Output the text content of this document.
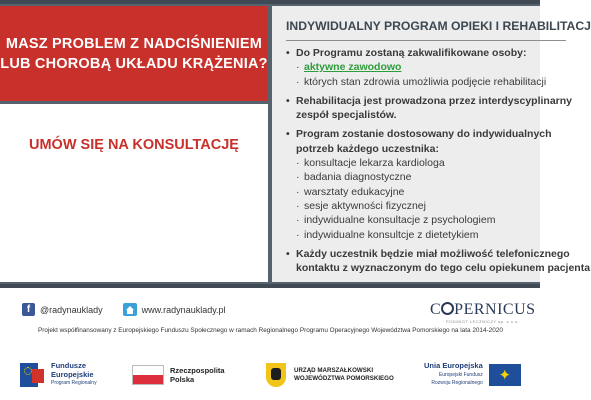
MASZ PROBLEM Z NADCIŚNIENIEM
LUB CHOROBĄ UKŁADU KRĄŻENIA?
UMÓW SIĘ NA KONSULTACJĘ
INDYWIDUALNY PROGRAM OPIEKI I REHABILITACJ
• Do Programu zostaną zakwalifikowane osoby:
· aktywne zawodowo
· których stan zdrowia umożliwia podjęcie rehabilitacji
• Rehabilitacja jest prowadzona przez interdyscyplinarny
zespół specjalistów.
• Program zostanie dostosowany do indywidualnych
potrzeb każdego uczestnika:
· konsultacje lekarza kardiologa
· badania diagnostyczne
· warsztaty edukacyjne
· sesje aktywności fizycznej
· indywidualne konsultacje z psychologiem
· indywidualne konsultcje z dietetykiem
• Każdy uczestnik będzie miał możliwość telefonicznego
kontaktu z wyznaczonym do tego celu opiekunem pacjenta
f	@radynauklady	www.radynauklady.pl	C PERNICUS
PODMIOT LECZNICZY sp. z o.o.
Projekt współfinansowany z Europejskiego Funduszu Społecznego w ramach Regionalnego Programu Operacyjnego Województwa Pomorskiego na lata 2014-2020
Fundusze
Europejskie
Program Regionalny
Rzeczpospolita
Polska
URZĄD MARSZAŁKOWSKI
WOJEWÓDZTWA POMORSKIEGO
Unia Europejska
Europejski Fundusz
Rozwoju Regionalnego	✦
